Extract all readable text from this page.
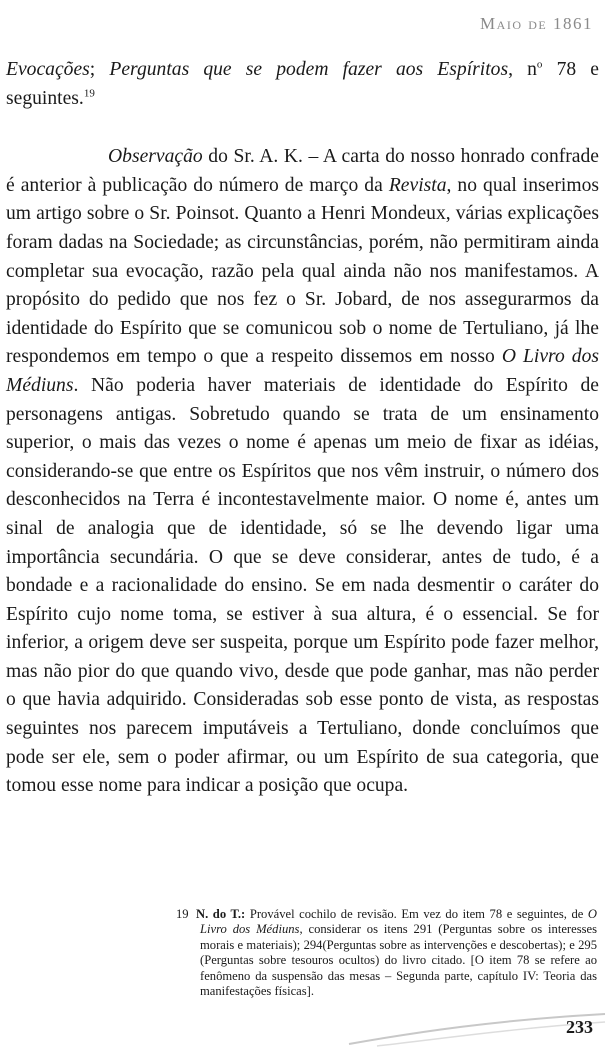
Maio de 1861

Evocações; Perguntas que se podem fazer aos Espíritos, $n^o$ 78 e seguintes.$^{19}$

Observação do Sr. A. K. – A carta do nosso honrado confrade é anterior à publicação do número de março da Revista, no qual inserimos um artigo sobre o Sr. Poinsot. Quanto a Henri Mondeux, várias explicações foram dadas na Sociedade; as circunstâncias, porém, não permitiram ainda completar sua evocação, razão pela qual ainda não nos manifestamos. A propósito do pedido que nos fez o Sr. Jobard, de nos assegurarmos da identidade do Espírito que se comunicou sob o nome de Tertuliano, já lhe respondemos em tempo o que a respeito dissemos em nosso O Livro dos Médiuns. Não poderia haver materiais de identidade do Espírito de personagens antigas. Sobretudo quando se trata de um ensinamento superior, o mais das vezes o nome é apenas um meio de fixar as idéias, considerando-se que entre os Espíritos que nos vêm instruir, o número dos desconhecidos na Terra é incontestavelmente maior. O nome é, antes um sinal de analogia que de identidade, só se lhe devendo ligar uma importância secundária. O que se deve considerar, antes de tudo, é a bondade e a racionalidade do ensino. Se em nada desmentir o caráter do Espírito cujo nome toma, se estiver à sua altura, é o essencial. Se for inferior, a origem deve ser suspeita, porque um Espírito pode fazer melhor, mas não pior do que quando vivo, desde que pode ganhar, mas não perder o que havia adquirido. Consideradas sob esse ponto de vista, as respostas seguintes nos parecem imputáveis a Tertuliano, donde concluímos que pode ser ele, sem o poder afirmar, ou um Espírito de sua categoria, que tomou esse nome para indicar a posição que ocupa.

19 N. do T.: Provável cochilo de revisão. Em vez do item 78 e seguintes, de O Livro dos Médiuns, considerar os itens 291 (Perguntas sobre os interesses morais e materiais); 294(Perguntas sobre as intervenções e descobertas); e 295 (Perguntas sobre tesouros ocultos) do livro citado. [O item 78 se refere ao fenômeno da suspensão das mesas – Segunda parte, capítulo IV: Teoria das manifestações físicas].
233
